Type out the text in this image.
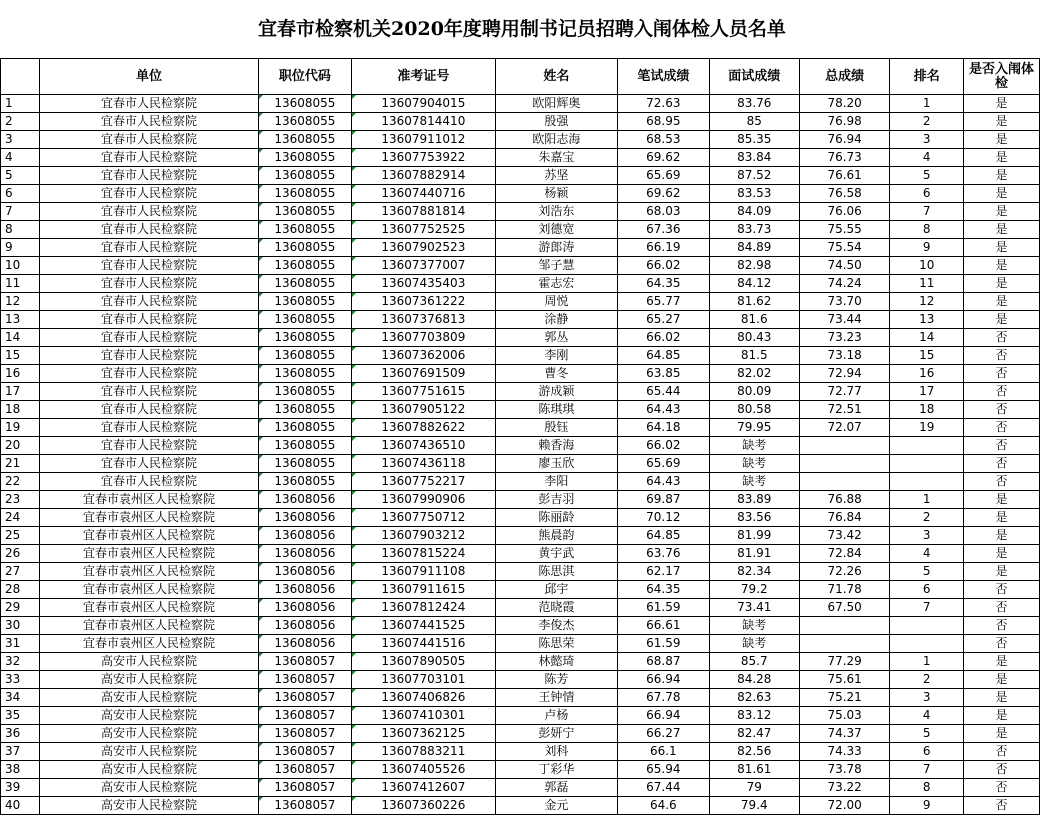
宜春市检察机关2020年度聘用制书记员招聘入闱体检人员名单
	单位	职位代码	准考证号	姓名	笔试成绩	面试成绩	总成绩	排名	是否入闱体检
1	宜春市人民检察院	13608055	13607904015	欧阳辉奥	72.63	83.76	78.20	1	是
2	宜春市人民检察院	13608055	13607814410	殷强	68.95	85	76.98	2	是
3	宜春市人民检察院	13608055	13607911012	欧阳志海	68.53	85.35	76.94	3	是
4	宜春市人民检察院	13608055	13607753922	朱嘉宝	69.62	83.84	76.73	4	是
5	宜春市人民检察院	13608055	13607882914	苏坚	65.69	87.52	76.61	5	是
6	宜春市人民检察院	13608055	13607440716	杨颖	69.62	83.53	76.58	6	是
7	宜春市人民检察院	13608055	13607881814	刘浩东	68.03	84.09	76.06	7	是
8	宜春市人民检察院	13608055	13607752525	刘德宽	67.36	83.73	75.55	8	是
9	宜春市人民检察院	13608055	13607902523	游郎涛	66.19	84.89	75.54	9	是
10	宜春市人民检察院	13608055	13607377007	邹子慧	66.02	82.98	74.50	10	是
11	宜春市人民检察院	13608055	13607435403	霍志宏	64.35	84.12	74.24	11	是
12	宜春市人民检察院	13608055	13607361222	周悦	65.77	81.62	73.70	12	是
13	宜春市人民检察院	13608055	13607376813	涂静	65.27	81.6	73.44	13	是
14	宜春市人民检察院	13608055	13607703809	郭丛	66.02	80.43	73.23	14	否
15	宜春市人民检察院	13608055	13607362006	李刚	64.85	81.5	73.18	15	否
16	宜春市人民检察院	13608055	13607691509	曹冬	63.85	82.02	72.94	16	否
17	宜春市人民检察院	13608055	13607751615	游成颖	65.44	80.09	72.77	17	否
18	宜春市人民检察院	13608055	13607905122	陈琪琪	64.43	80.58	72.51	18	否
19	宜春市人民检察院	13608055	13607882622	殷钰	64.18	79.95	72.07	19	否
20	宜春市人民检察院	13608055	13607436510	赖香海	66.02	缺考			否
21	宜春市人民检察院	13608055	13607436118	廖玉欣	65.69	缺考			否
22	宜春市人民检察院	13608055	13607752217	李阳	64.43	缺考			否
23	宜春市袁州区人民检察院	13608056	13607990906	彭吉羽	69.87	83.89	76.88	1	是
24	宜春市袁州区人民检察院	13608056	13607750712	陈丽龄	70.12	83.56	76.84	2	是
25	宜春市袁州区人民检察院	13608056	13607903212	熊晨韵	64.85	81.99	73.42	3	是
26	宜春市袁州区人民检察院	13608056	13607815224	黄宇武	63.76	81.91	72.84	4	是
27	宜春市袁州区人民检察院	13608056	13607911108	陈思淇	62.17	82.34	72.26	5	是
28	宜春市袁州区人民检察院	13608056	13607911615	邱宇	64.35	79.2	71.78	6	否
29	宜春市袁州区人民检察院	13608056	13607812424	范晓霞	61.59	73.41	67.50	7	否
30	宜春市袁州区人民检察院	13608056	13607441525	李俊杰	66.61	缺考			否
31	宜春市袁州区人民检察院	13608056	13607441516	陈思荣	61.59	缺考			否
32	高安市人民检察院	13608057	13607890505	林懿琦	68.87	85.7	77.29	1	是
33	高安市人民检察院	13608057	13607703101	陈芳	66.94	84.28	75.61	2	是
34	高安市人民检察院	13608057	13607406826	王钟情	67.78	82.63	75.21	3	是
35	高安市人民检察院	13608057	13607410301	卢杨	66.94	83.12	75.03	4	是
36	高安市人民检察院	13608057	13607362125	彭妍宁	66.27	82.47	74.37	5	是
37	高安市人民检察院	13608057	13607883211	刘科	66.1	82.56	74.33	6	否
38	高安市人民检察院	13608057	13607405526	丁彩华	65.94	81.61	73.78	7	否
39	高安市人民检察院	13608057	13607412607	郭磊	67.44	79	73.22	8	否
40	高安市人民检察院	13608057	13607360226	金元	64.6	79.4	72.00	9	否
